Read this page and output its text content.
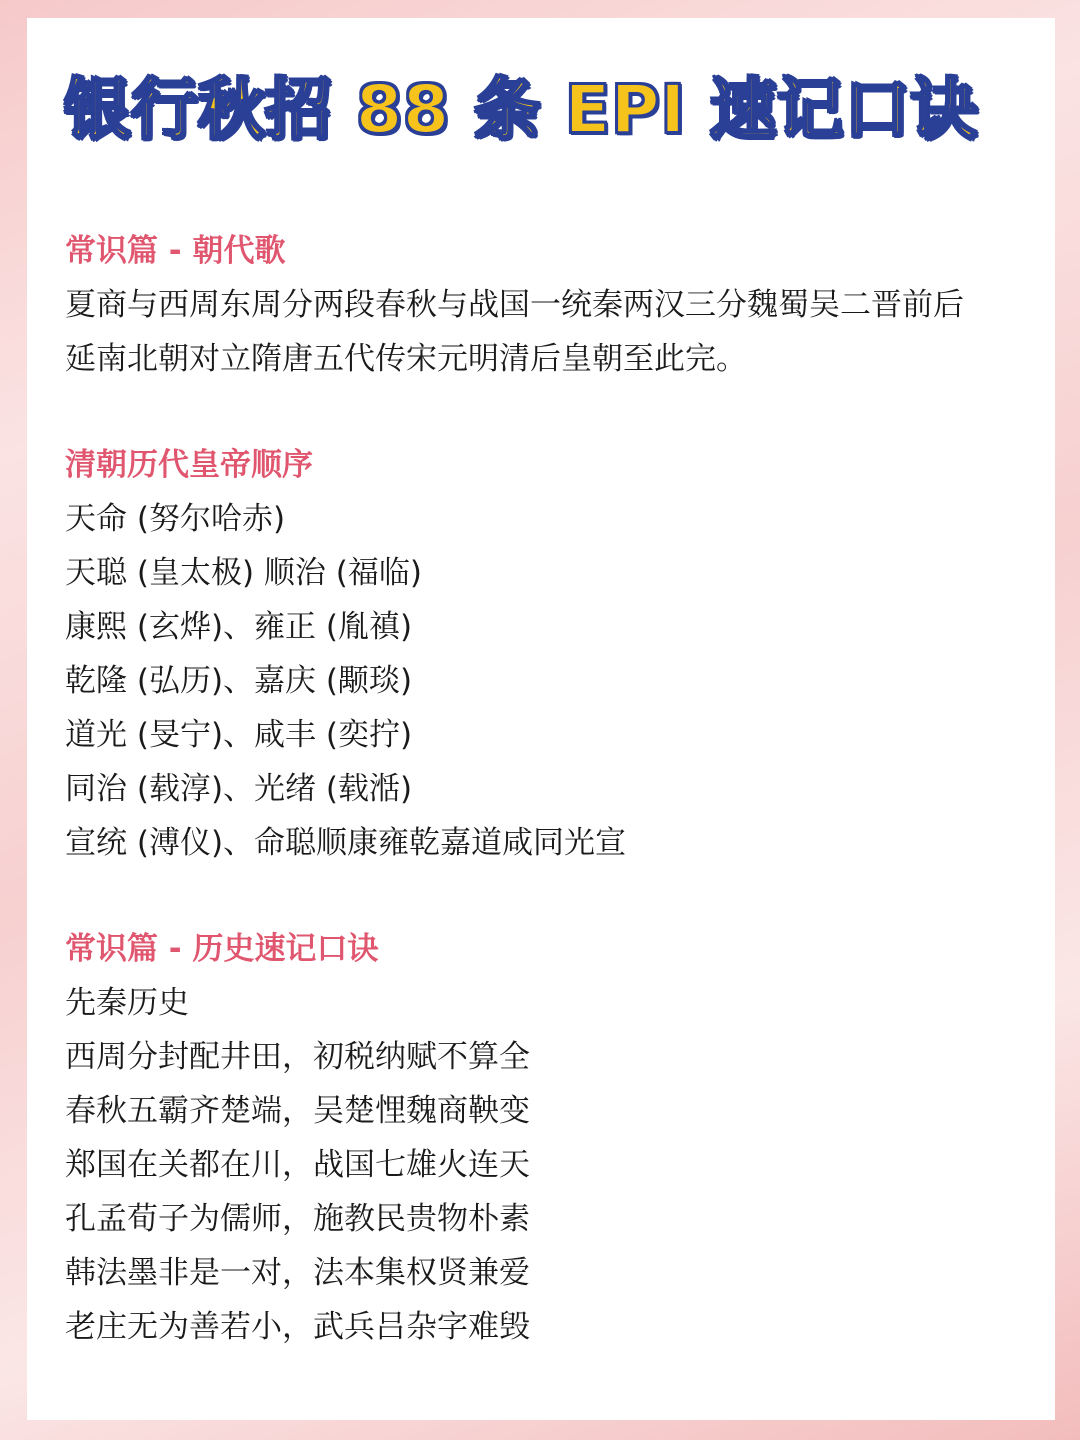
银行秋招 88 条 EPI 速记口诀

常识篇 - 朝代歌

夏商与西周东周分两段春秋与战国一统秦两汉三分魏蜀吴二晋前后

延南北朝对立隋唐五代传宋元明清后皇朝至此完。

清朝历代皇帝顺序

天命 (努尔哈赤)

天聪 (皇太极) 顺治 (福临)

康熙 (玄烨)、雍正 (胤禛)

乾隆 (弘历)、嘉庆 (颙琰)

道光 (旻宁)、咸丰 (奕拧)

同治 (载淳)、光绪 (载湉)

宣统 (溥仪)、命聪顺康雍乾嘉道咸同光宣

常识篇 - 历史速记口诀

先秦历史

西周分封配井田，初税纳赋不算全

春秋五霸齐楚端，吴楚悝魏商鞅变

郑国在关都在川，战国七雄火连天

孔孟荀子为儒师，施教民贵物朴素

韩法墨非是一对，法本集权贤兼爱

老庄无为善若小，武兵吕杂字难毁
